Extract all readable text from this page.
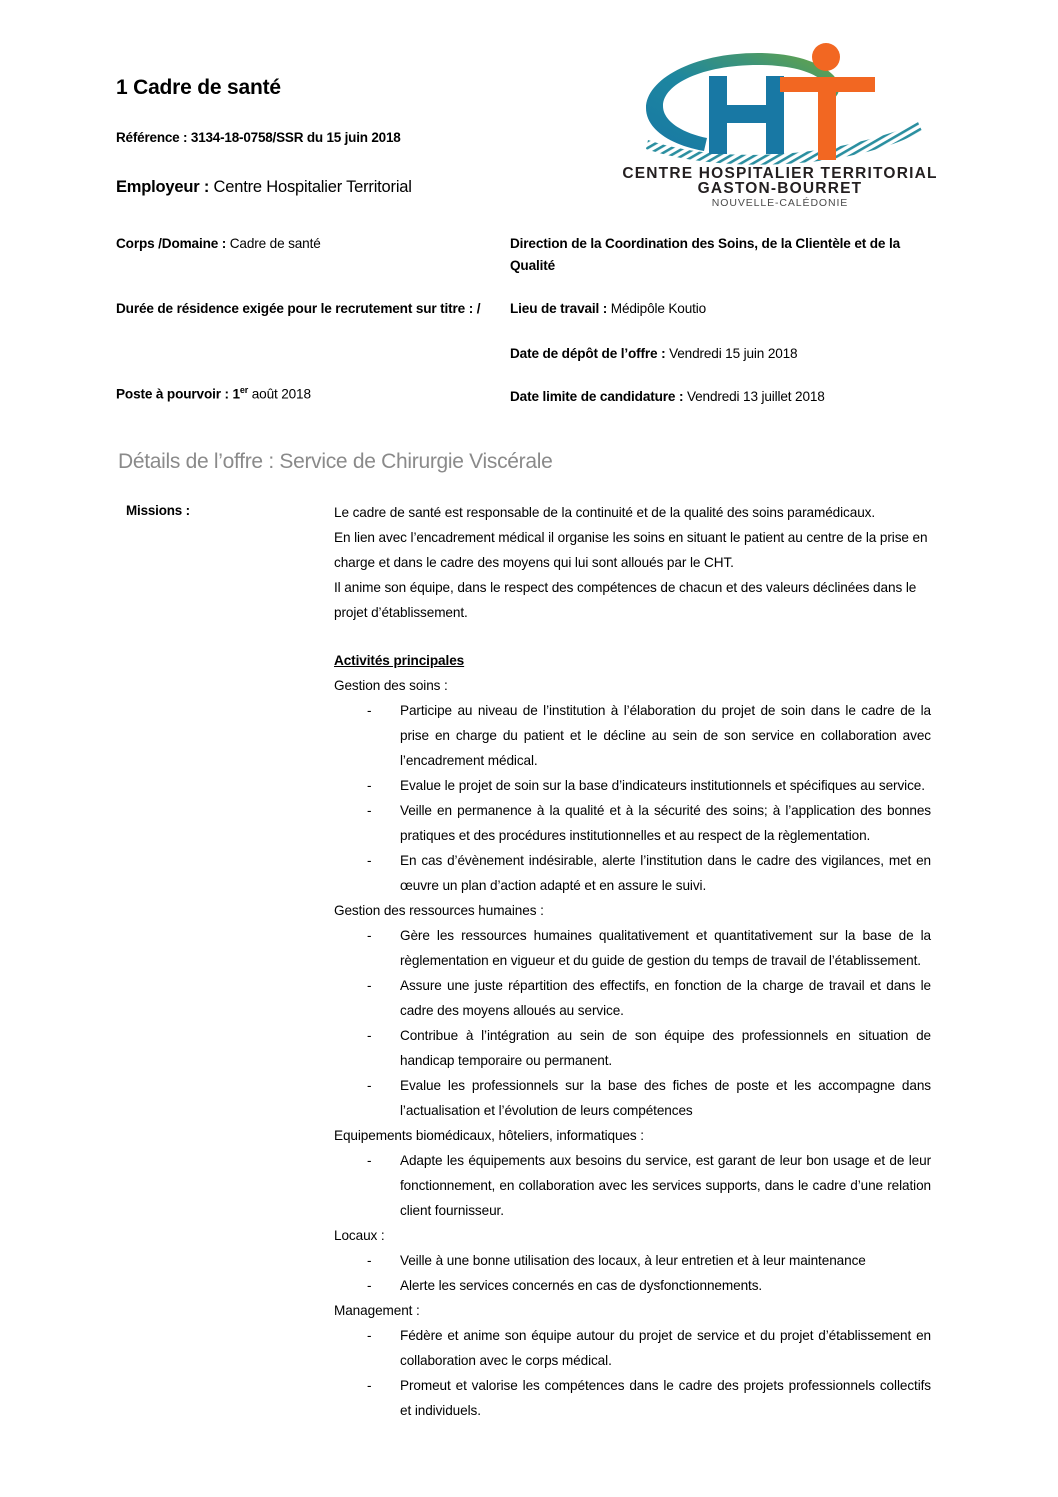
1 Cadre de santé
Référence : 3134-18-0758/SSR du 15 juin 2018
Employeur : Centre Hospitalier Territorial
CENTRE HOSPITALIER TERRITORIAL
GASTON-BOURRET
NOUVELLE-CALÉDONIE
Corps /Domaine : Cadre de santé
Durée de résidence exigée pour le recrutement sur titre : /
Poste à pourvoir : 1er août 2018
Direction de la Coordination des Soins, de la Clientèle et de la Qualité
Lieu de travail : Médipôle Koutio
Date de dépôt de l’offre : Vendredi 15 juin 2018
Date limite de candidature : Vendredi 13 juillet 2018
Détails de l’offre : Service de Chirurgie Viscérale
Missions :	Le cadre de santé est responsable de la continuité et de la qualité des soins paramédicaux.

En lien avec l’encadrement médical il organise les soins en situant le patient au centre de la prise en charge et dans le cadre des moyens qui lui sont alloués par le CHT.

Il anime son équipe, dans le respect des compétences de chacun et des valeurs déclinées dans le projet d’établissement.

Activités principales

Gestion des soins :

- Participe au niveau de l’institution à l’élaboration du projet de soin dans le cadre de la prise en charge du patient et le décline au sein de son service en collaboration avec l’encadrement médical.
- Evalue le projet de soin sur la base d’indicateurs institutionnels et spécifiques au service.
- Veille en permanence à la qualité et à la sécurité des soins; à l’application des bonnes pratiques et des procédures institutionnelles et au respect de la règlementation.
- En cas d’évènement indésirable, alerte l’institution dans le cadre des vigilances, met en œuvre un plan d’action adapté et en assure le suivi.

Gestion des ressources humaines :

- Gère les ressources humaines qualitativement et quantitativement sur la base de la règlementation en vigueur et du guide de gestion du temps de travail de l’établissement.
- Assure une juste répartition des effectifs, en fonction de la charge de travail et dans le cadre des moyens alloués au service.
- Contribue à l’intégration au sein de son équipe des professionnels en situation de handicap temporaire ou permanent.
- Evalue les professionnels sur la base des fiches de poste et les accompagne dans l’actualisation et l’évolution de leurs compétences

Equipements biomédicaux, hôteliers, informatiques :

- Adapte les équipements aux besoins du service, est garant de leur bon usage et de leur fonctionnement, en collaboration avec les services supports, dans le cadre d’une relation client fournisseur.

Locaux :

- Veille à une bonne utilisation des locaux, à leur entretien et à leur maintenance
- Alerte les services concernés en cas de dysfonctionnements.

Management :

- Fédère et anime son équipe autour du projet de service et du projet d’établissement en collaboration avec le corps médical.
- Promeut et valorise les compétences dans le cadre des projets professionnels collectifs et individuels.
